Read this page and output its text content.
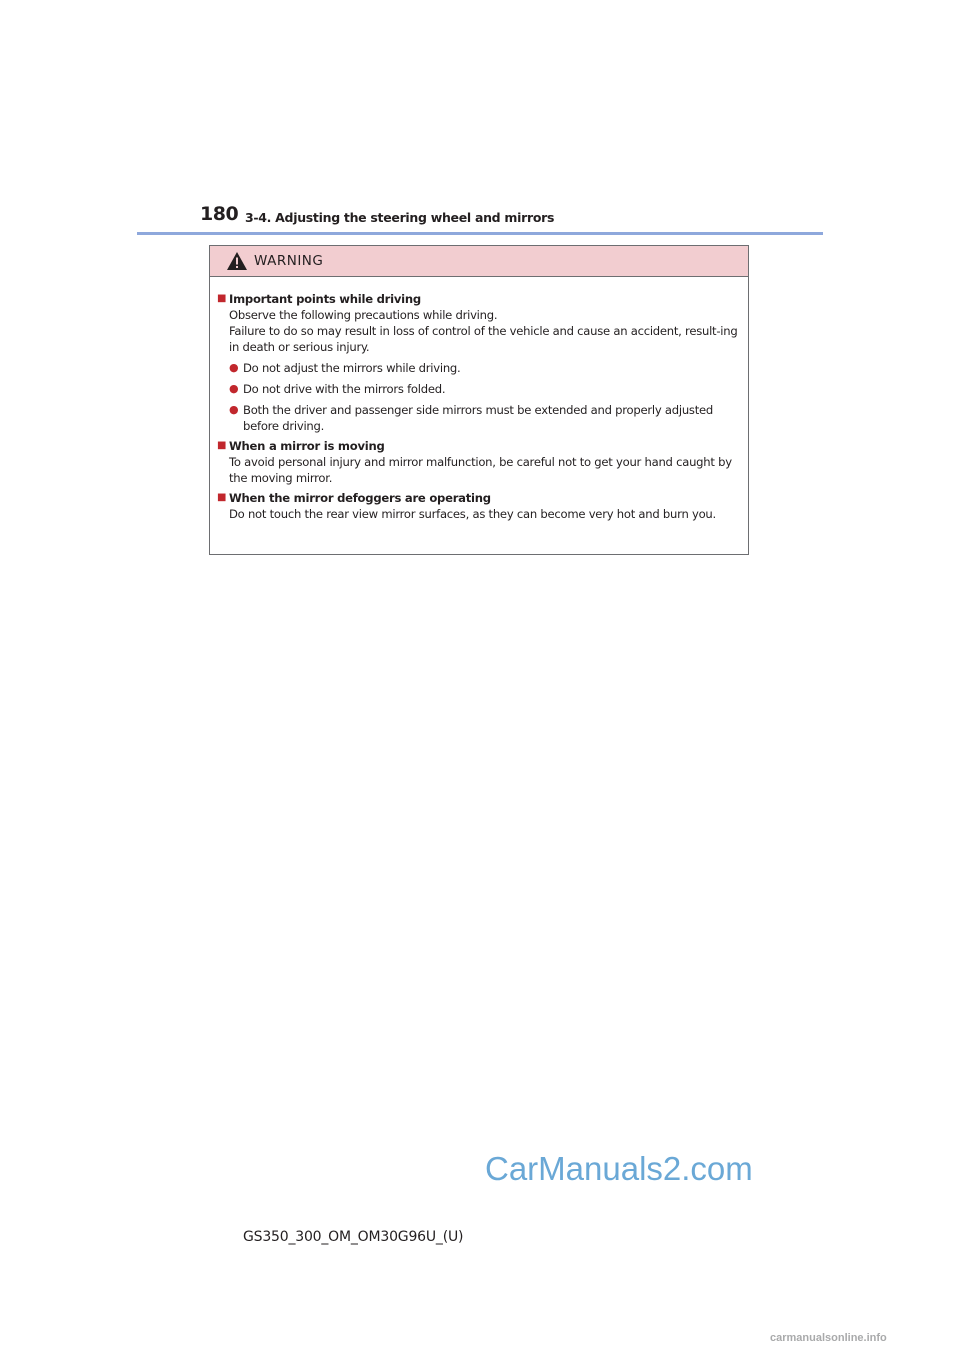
180 3-4. Adjusting the steering wheel and mirrors
WARNING
■ Important points while driving
Observe the following precautions while driving.
Failure to do so may result in loss of control of the vehicle and cause an accident, result-ing in death or serious injury.
● Do not adjust the mirrors while driving.
● Do not drive with the mirrors folded.
● Both the driver and passenger side mirrors must be extended and properly adjusted before driving.
■ When a mirror is moving
To avoid personal injury and mirror malfunction, be careful not to get your hand caught by the moving mirror.
■ When the mirror defoggers are operating
Do not touch the rear view mirror surfaces, as they can become very hot and burn you.
CarManuals2.com
GS350_300_OM_OM30G96U_(U)
carmanualsonline.info
